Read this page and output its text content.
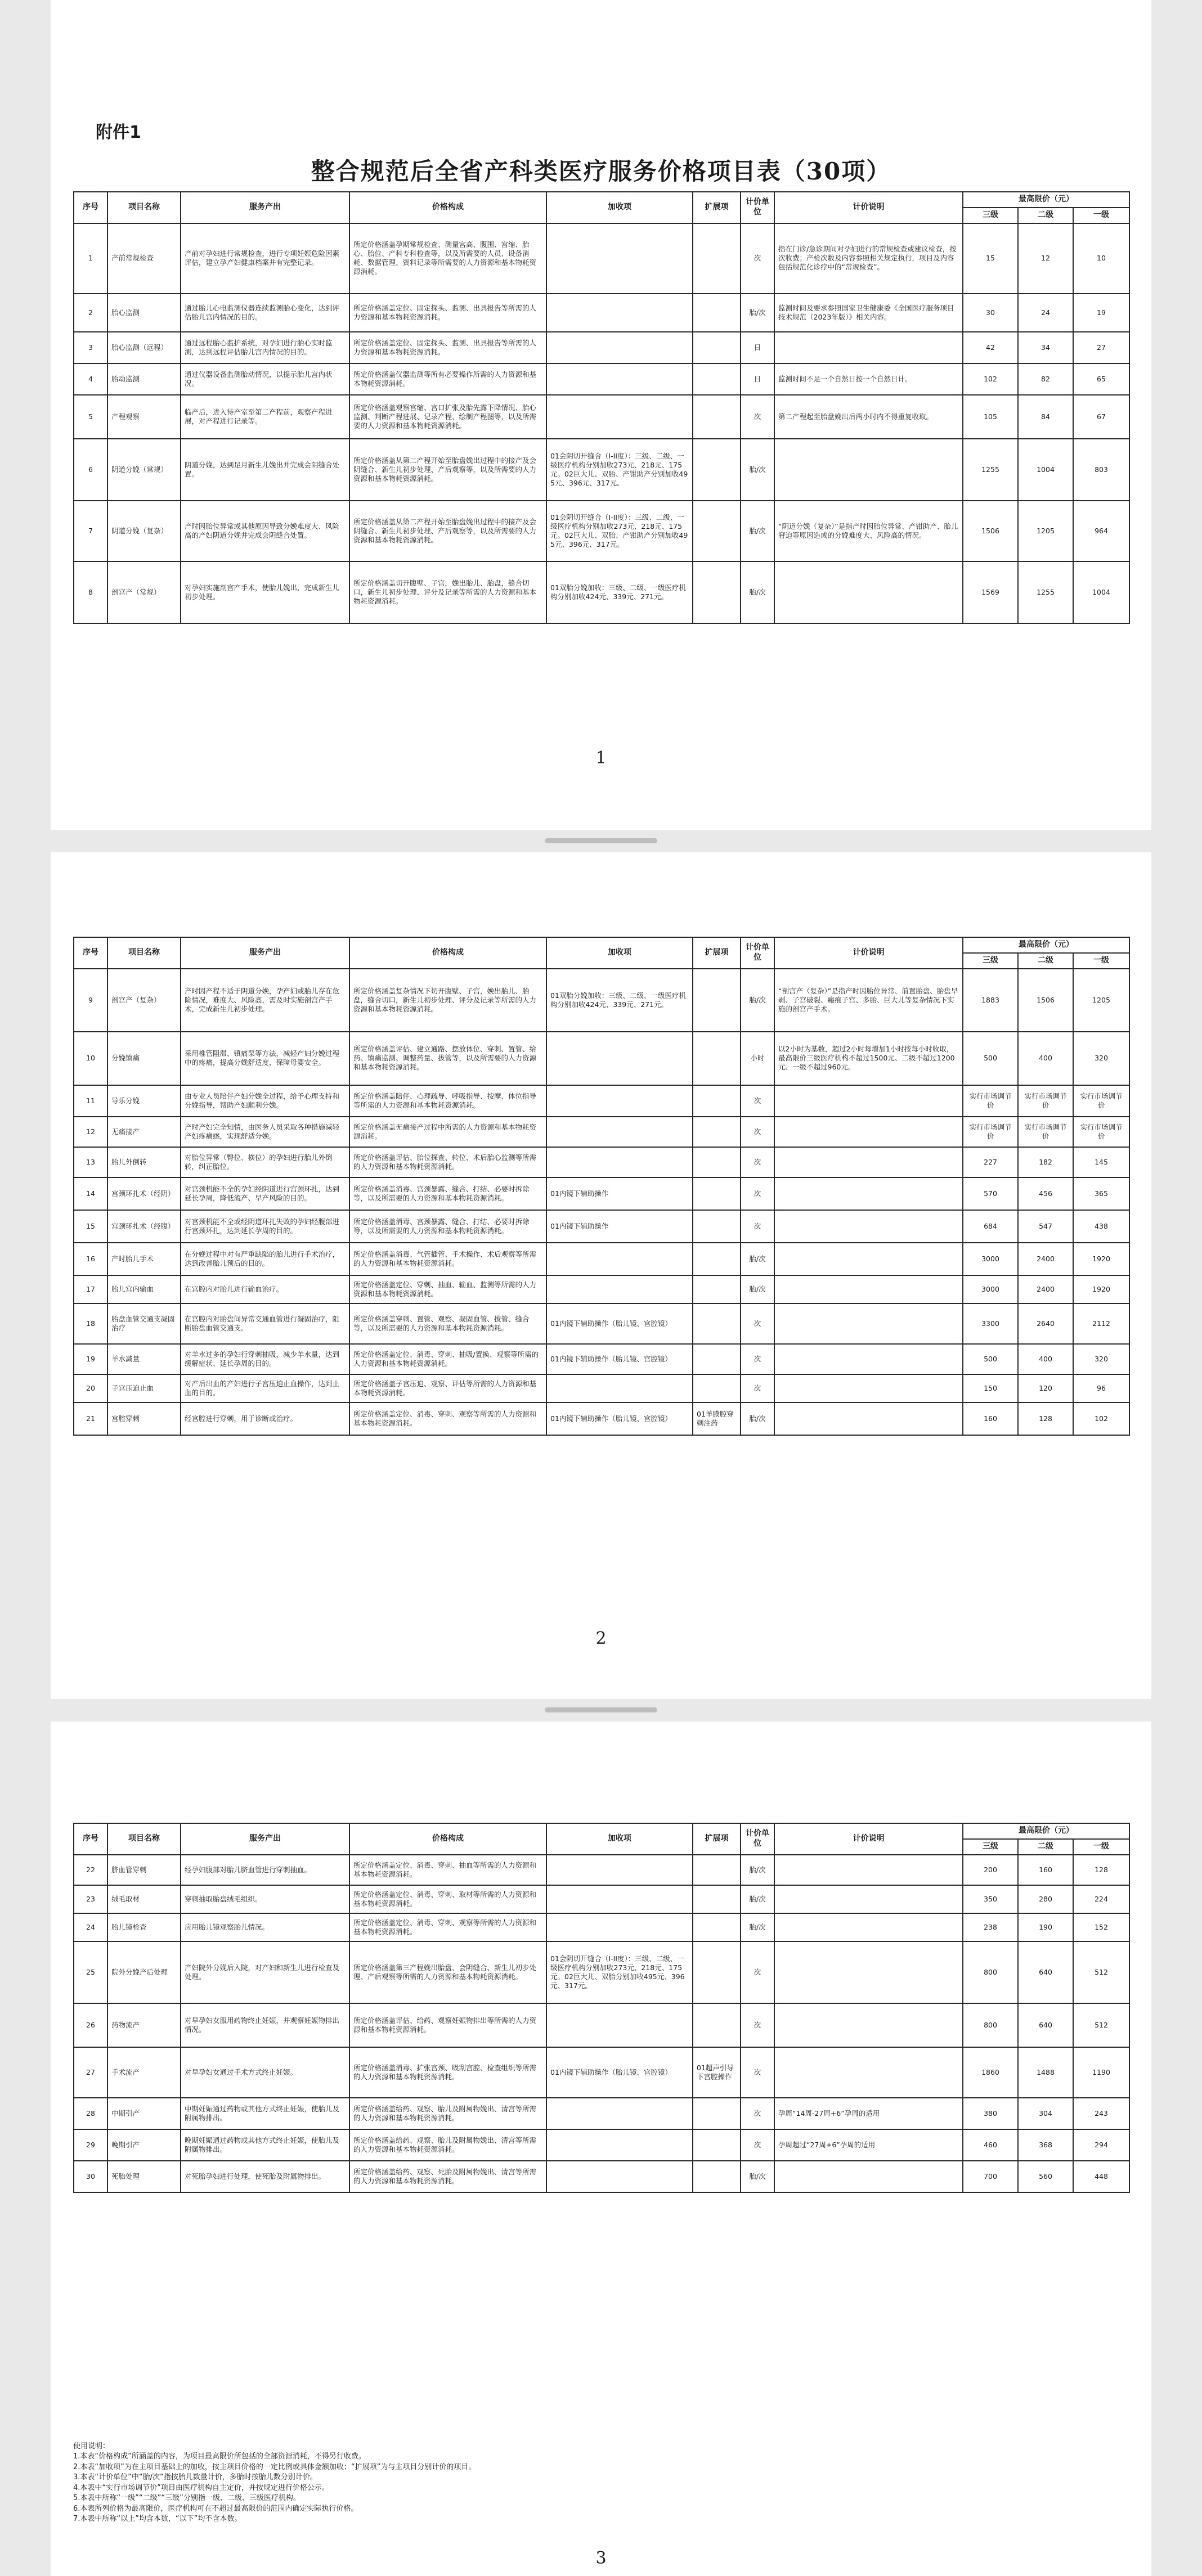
附件1
整合规范后全省产科类医疗服务价格项目表（30项）
序号	项目名称	服务产出	价格构成	加收项	扩展项	计价单位	计价说明	最高限价（元）		
								三级	二级	一级
1	产前常规检查	产前对孕妇进行常规检查，进行专项妊娠危险因素评估，建立孕产妇健康档案并有完整记录。	所定价格涵盖孕期常规检查、测量宫高、腹围、宫缩、胎心、胎位、产科专科检查等，以及所需要的人员、设备消耗、数据管理、资料记录等所需要的人力资源和基本物耗资源消耗。			次	指在门诊/急诊期间对孕妇进行的常规检查或建议检查，按次收费；产检次数及内容参照相关规定执行，项目及内容包括规范化诊疗中的“常规检查”。	15	12	10
2	胎心监测	通过胎儿心电监测仪器连续监测胎心变化，达到评估胎儿宫内情况的目的。	所定价格涵盖定位、固定探头、监测、出具报告等所需的人力资源和基本物耗资源消耗。			胎/次	监测时间及要求参照国家卫生健康委《全国医疗服务项目技术规范（2023年版）》相关内容。	30	24	19
3	胎心监测（远程）	通过远程胎心监护系统，对孕妇进行胎心实时监测，达到远程评估胎儿宫内情况的目的。	所定价格涵盖定位、固定探头、监测、出具报告等所需的人力资源和基本物耗资源消耗。			日		42	34	27
4	胎动监测	通过仪器设备监测胎动情况，以提示胎儿宫内状况。	所定价格涵盖仪器监测等所有必要操作所需的人力资源和基本物耗资源消耗。			日	监测时间不足一个自然日按一个自然日计。	102	82	65
5	产程观察	临产后，进入待产室至第二产程前，观察产程进展，对产程进行记录等。	所定价格涵盖观察宫缩、宫口扩张及胎先露下降情况、胎心监测、判断产程进展、记录产程、绘制产程图等，以及所需要的人力资源和基本物耗资源消耗。			次	第二产程起至胎盘娩出后两小时内不得重复收取。	105	84	67
6	阴道分娩（常规）	阴道分娩，达到足月新生儿娩出并完成会阴缝合处置。	所定价格涵盖从第二产程开始至胎盘娩出过程中的接产及会阴缝合、新生儿初步处理、产后观察等，以及所需要的人力资源和基本物耗资源消耗。	01会阴切开缝合（I-II度）：三级、二级、一级医疗机构分别加收273元、218元、175元。02巨大儿、双胎、产钳助产分别加收495元、396元、317元。		胎/次		1255	1004	803
7	阴道分娩（复杂）	产时因胎位异常或其他原因导致分娩难度大、风险高的产妇阴道分娩并完成会阴缝合处置。	所定价格涵盖从第二产程开始至胎盘娩出过程中的接产及会阴缝合、新生儿初步处理、产后观察等，以及所需要的人力资源和基本物耗资源消耗。	01会阴切开缝合（I-II度）：三级、二级、一级医疗机构分别加收273元、218元、175元。02巨大儿、双胎、产钳助产分别加收495元、396元、317元。		胎/次	“阴道分娩（复杂）”是指产时因胎位异常、产钳助产、胎儿窘迫等原因造成的分娩难度大、风险高的情况。	1506	1205	964
8	剖宫产（常规）	对孕妇实施剖宫产手术，使胎儿娩出，完成新生儿初步处理。	所定价格涵盖切开腹壁、子宫，娩出胎儿、胎盘，缝合切口，新生儿初步处理、评分及记录等所需的人力资源和基本物耗资源消耗。	01双胎分娩加收：三级、二级、一级医疗机构分别加收424元、339元、271元。		胎/次		1569	1255	1004
1
序号	项目名称	服务产出	价格构成	加收项	扩展项	计价单位	计价说明	最高限价（元）		
								三级	二级	一级
9	剖宫产（复杂）	产时因产程不适于阴道分娩，孕产妇或胎儿存在危险情况，难度大、风险高，需及时实施剖宫产手术，完成新生儿初步处理。	所定价格涵盖复杂情况下切开腹壁、子宫，娩出胎儿、胎盘，缝合切口，新生儿初步处理、评分及记录等所需的人力资源和基本物耗资源消耗。	01双胎分娩加收：三级、二级、一级医疗机构分别加收424元、339元、271元。		胎/次	“剖宫产（复杂）”是指产时因胎位异常、前置胎盘、胎盘早剥、子宫破裂、瘢痕子宫、多胎、巨大儿等复杂情况下实施的剖宫产手术。	1883	1506	1205
10	分娩镇痛	采用椎管阻滞、镇痛泵等方法，减轻产妇分娩过程中的疼痛，提高分娩舒适度，保障母婴安全。	所定价格涵盖评估、建立通路、摆放体位、穿刺、置管、给药、镇痛监测、调整药量、拔管等，以及所需要的人力资源和基本物耗资源消耗。			小时	以2小时为基数，超过2小时每增加1小时按每小时收取，最高限价三级医疗机构不超过1500元、二级不超过1200元、一级不超过960元。	500	400	320
11	导乐分娩	由专业人员陪伴产妇分娩全过程，给予心理支持和分娩指导，帮助产妇顺利分娩。	所定价格涵盖陪伴、心理疏导、呼吸指导、按摩、体位指导等所需的人力资源和基本物耗资源消耗。			次		实行市场调节价	实行市场调节价	实行市场调节价
12	无痛接产	产时产妇完全知情，由医务人员采取各种措施减轻产妇疼痛感，实现舒适分娩。	所定价格涵盖无痛接产过程中所需的人力资源和基本物耗资源消耗。			次		实行市场调节价	实行市场调节价	实行市场调节价
13	胎儿外倒转	对胎位异常（臀位、横位）的孕妇进行胎儿外倒转，纠正胎位。	所定价格涵盖评估、胎位探查、转位、术后胎心监测等所需的人力资源和基本物耗资源消耗。			次		227	182	145
14	宫颈环扎术（经阴）	对宫颈机能不全的孕妇经阴道进行宫颈环扎，达到延长孕周，降低流产、早产风险的目的。	所定价格涵盖消毒、宫颈暴露、缝合、打结、必要时拆除等，以及所需要的人力资源和基本物耗资源消耗。	01内镜下辅助操作		次		570	456	365
15	宫颈环扎术（经腹）	对宫颈机能不全或经阴道环扎失败的孕妇经腹部进行宫颈环扎，达到延长孕周的目的。	所定价格涵盖消毒、宫颈暴露、缝合、打结、必要时拆除等，以及所需要的人力资源和基本物耗资源消耗。	01内镜下辅助操作		次		684	547	438
16	产时胎儿手术	在分娩过程中对有严重缺陷的胎儿进行手术治疗，达到改善胎儿预后的目的。	所定价格涵盖消毒、气管插管、手术操作、术后观察等所需的人力资源和基本物耗资源消耗。			胎/次		3000	2400	1920
17	胎儿宫内输血	在宫腔内对胎儿进行输血治疗。	所定价格涵盖定位、穿刺、抽血、输血、监测等所需的人力资源和基本物耗资源消耗。			胎/次		3000	2400	1920
18	胎盘血管交通支凝固治疗	在宫腔内对胎盘间异常交通血管进行凝固治疗，阻断胎盘血管交通支。	所定价格涵盖穿刺、置管、观察、凝固血管、拔管、缝合等，以及所需要的人力资源和基本物耗资源消耗。	01内镜下辅助操作（胎儿镜、宫腔镜）		次		3300	2640	2112
19	羊水减量	对羊水过多的孕妇行穿刺抽吸，减少羊水量，达到缓解症状、延长孕周的目的。	所定价格涵盖定位、消毒、穿刺、抽吸/置换、观察等所需的人力资源和基本物耗资源消耗。	01内镜下辅助操作（胎儿镜、宫腔镜）		次		500	400	320
20	子宫压迫止血	对产后出血的产妇进行子宫压迫止血操作，达到止血的目的。	所定价格涵盖子宫压迫、观察、评估等所需的人力资源和基本物耗资源消耗。			次		150	120	96
21	宫腔穿刺	经宫腔进行穿刺，用于诊断或治疗。	所定价格涵盖定位、消毒、穿刺、观察等所需的人力资源和基本物耗资源消耗。	01内镜下辅助操作（胎儿镜、宫腔镜）	01羊膜腔穿刺注药	胎/次		160	128	102
2
序号	项目名称	服务产出	价格构成	加收项	扩展项	计价单位	计价说明	最高限价（元）		
								三级	二级	一级
22	脐血管穿刺	经孕妇腹部对胎儿脐血管进行穿刺抽血。	所定价格涵盖定位、消毒、穿刺、抽血等所需的人力资源和基本物耗资源消耗。			胎/次		200	160	128
23	绒毛取材	穿刺抽取胎盘绒毛组织。	所定价格涵盖定位、消毒、穿刺、取材等所需的人力资源和基本物耗资源消耗。			胎/次		350	280	224
24	胎儿镜检查	应用胎儿镜观察胎儿情况。	所定价格涵盖定位、消毒、穿刺、观察等所需的人力资源和基本物耗资源消耗。			胎/次		238	190	152
25	院外分娩产后处理	产妇院外分娩后入院，对产妇和新生儿进行检查及处理。	所定价格涵盖第三产程娩出胎盘、会阴缝合、新生儿初步处理、产后观察等所需的人力资源和基本物耗资源消耗。	01会阴切开缝合（I-II度）：三级、二级、一级医疗机构分别加收273元、218元、175元。02巨大儿、双胎分别加收495元、396元、317元。		次		800	640	512
26	药物流产	对早孕妇女服用药物终止妊娠，并观察妊娠物排出情况。	所定价格涵盖评估、给药、观察妊娠物排出等所需的人力资源和基本物耗资源消耗。			次		800	640	512
27	手术流产	对早孕妇女通过手术方式终止妊娠。	所定价格涵盖消毒、扩张宫颈、吸刮宫腔、检查组织等所需的人力资源和基本物耗资源消耗。	01内镜下辅助操作（胎儿镜、宫腔镜）	01超声引导下宫腔操作	次		1860	1488	1190
28	中期引产	中期妊娠通过药物或其他方式终止妊娠，使胎儿及附属物排出。	所定价格涵盖给药、观察、胎儿及附属物娩出、清宫等所需的人力资源和基本物耗资源消耗。			次	孕周“14周-27周+6”孕周的适用	380	304	243
29	晚期引产	晚期妊娠通过药物或其他方式终止妊娠，使胎儿及附属物排出。	所定价格涵盖给药、观察、胎儿及附属物娩出、清宫等所需的人力资源和基本物耗资源消耗。			次	孕周超过“27周+6”孕周的适用	460	368	294
30	死胎处理	对死胎孕妇进行处理，使死胎及附属物排出。	所定价格涵盖给药、观察、死胎及附属物娩出、清宫等所需的人力资源和基本物耗资源消耗。			胎/次		700	560	448

使用说明：

1.本表“价格构成”所涵盖的内容，为项目最高限价所包括的全部资源消耗，不得另行收费。

2.本表“加收项”为在主项目基础上的加收，按主项目价格的一定比例或具体金额加收；“扩展项”为与主项目分别计价的项目。

3.本表“计价单位”中“胎/次”指按胎儿数量计价，多胎时按胎儿数分别计价。

4.本表中“实行市场调节价”项目由医疗机构自主定价，并按规定进行价格公示。

5.本表中所称“一级”“二级”“三级”分别指一级、二级、三级医疗机构。

6.本表所列价格为最高限价，医疗机构可在不超过最高限价的范围内确定实际执行价格。

7.本表中所称“以上”均含本数，“以下”均不含本数。

3
